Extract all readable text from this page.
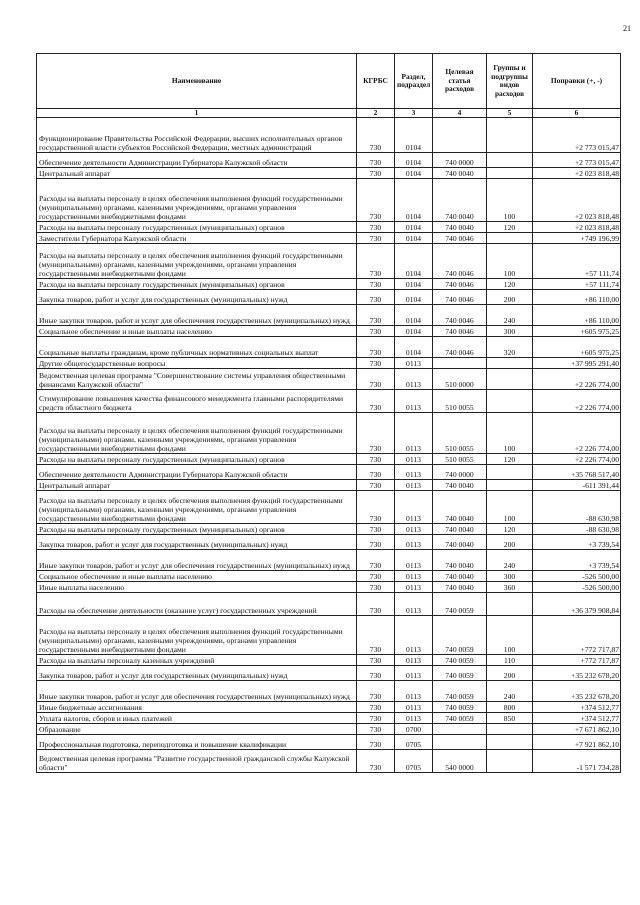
21
Наименование	КГРБС	Раздел, подраздел	Целевая статья расходов	Группы и подгруппы видов расходов	Поправки (+, -)
1	2	3	4	5	6
Функционирование Правительства Российской Федерации, высших исполнительных органов государственной власти субъектов Российской Федерации, местных администраций	730	0104			+2 773 015,47
Обеспечение деятельности Администрации Губернатора Калужской области	730	0104	740 0000		+2 773 015,47
Центральный аппарат	730	0104	740 0040		+2 023 818,48
Расходы на выплаты персоналу в целях обеспечения выполнения функций государственными (муниципальными) органами, казенными учреждениями, органами управления государственными внебюджетными фондами	730	0104	740 0040	100	+2 023 818,48
Расходы на выплаты персоналу государственных (муниципальных) органов	730	0104	740 0040	120	+2 023 818,48
Заместители Губернатора Калужской области	730	0104	740 0046		+749 196,99
Расходы на выплаты персоналу в целях обеспечения выполнения функций государственными (муниципальными) органами, казенными учреждениями, органами управления государственными внебюджетными фондами	730	0104	740 0046	100	+57 111,74
Расходы на выплаты персоналу государственных (муниципальных) органов	730	0104	740 0046	120	+57 111,74
Закупка товаров, работ и услуг для государственных (муниципальных) нужд	730	0104	740 0046	200	+86 110,00
Иные закупки товаров, работ и услуг для обеспечения государственных (муниципальных) нужд	730	0104	740 0046	240	+86 110,00
Социальное обеспечение и иные выплаты населению	730	0104	740 0046	300	+605 975,25
Социальные выплаты гражданам, кроме публичных нормативных социальных выплат	730	0104	740 0046	320	+605 975,25
Другие общегосударственные вопросы	730	0113			+37 995 291,40
Ведомственная целевая программа "Совершенствование системы управления общественными финансами Калужской области"	730	0113	510 0000		+2 226 774,00
Стимулирование повышения качества финансового менеджмента главными распорядителями средств областного бюджета	730	0113	510 0055		+2 226 774,00
Расходы на выплаты персоналу в целях обеспечения выполнения функций государственными (муниципальными) органами, казенными учреждениями, органами управления государственными внебюджетными фондами	730	0113	510 0055	100	+2 226 774,00
Расходы на выплаты персоналу государственных (муниципальных) органов	730	0113	510 0055	120	+2 226 774,00
Обеспечение деятельности Администрации Губернатора Калужской области	730	0113	740 0000		+35 768 517,40
Центральный аппарат	730	0113	740 0040		-611 391,44
Расходы на выплаты персоналу в целях обеспечения выполнения функций государственными (муниципальными) органами, казенными учреждениями, органами управления государственными внебюджетными фондами	730	0113	740 0040	100	-88 630,98
Расходы на выплаты персоналу государственных (муниципальных) органов	730	0113	740 0040	120	-88 630,98
Закупка товаров, работ и услуг для государственных (муниципальных) нужд	730	0113	740 0040	200	+3 739,54
Иные закупки товаров, работ и услуг для обеспечения государственных (муниципальных) нужд	730	0113	740 0040	240	+3 739,54
Социальное обеспечение и иные выплаты населению	730	0113	740 0040	300	-526 500,00
Иные выплаты населению	730	0113	740 0040	360	-526 500,00
Расходы на обеспечение деятельности (оказание услуг) государственных учреждений	730	0113	740 0059		+36 379 908,84
Расходы на выплаты персоналу в целях обеспечения выполнения функций государственными (муниципальными) органами, казенными учреждениями, органами управления государственными внебюджетными фондами	730	0113	740 0059	100	+772 717,87
Расходы на выплаты персоналу казенных учреждений	730	0113	740 0059	110	+772 717,87
Закупка товаров, работ и услуг для государственных (муниципальных) нужд	730	0113	740 0059	200	+35 232 678,20
Иные закупки товаров, работ и услуг для обеспечения государственных (муниципальных) нужд	730	0113	740 0059	240	+35 232 678,20
Иные бюджетные ассигнования	730	0113	740 0059	800	+374 512,77
Уплата налогов, сборов и иных платежей	730	0113	740 0059	850	+374 512,77
Образование	730	0700			+7 671 862,10
Профессиональная подготовка, переподготовка и повышение квалификации	730	0705			+7 921 862,10
Ведомственная целевая программа "Развитие государственной гражданской службы Калужской области"	730	0705	540 0000		-1 571 734,28
